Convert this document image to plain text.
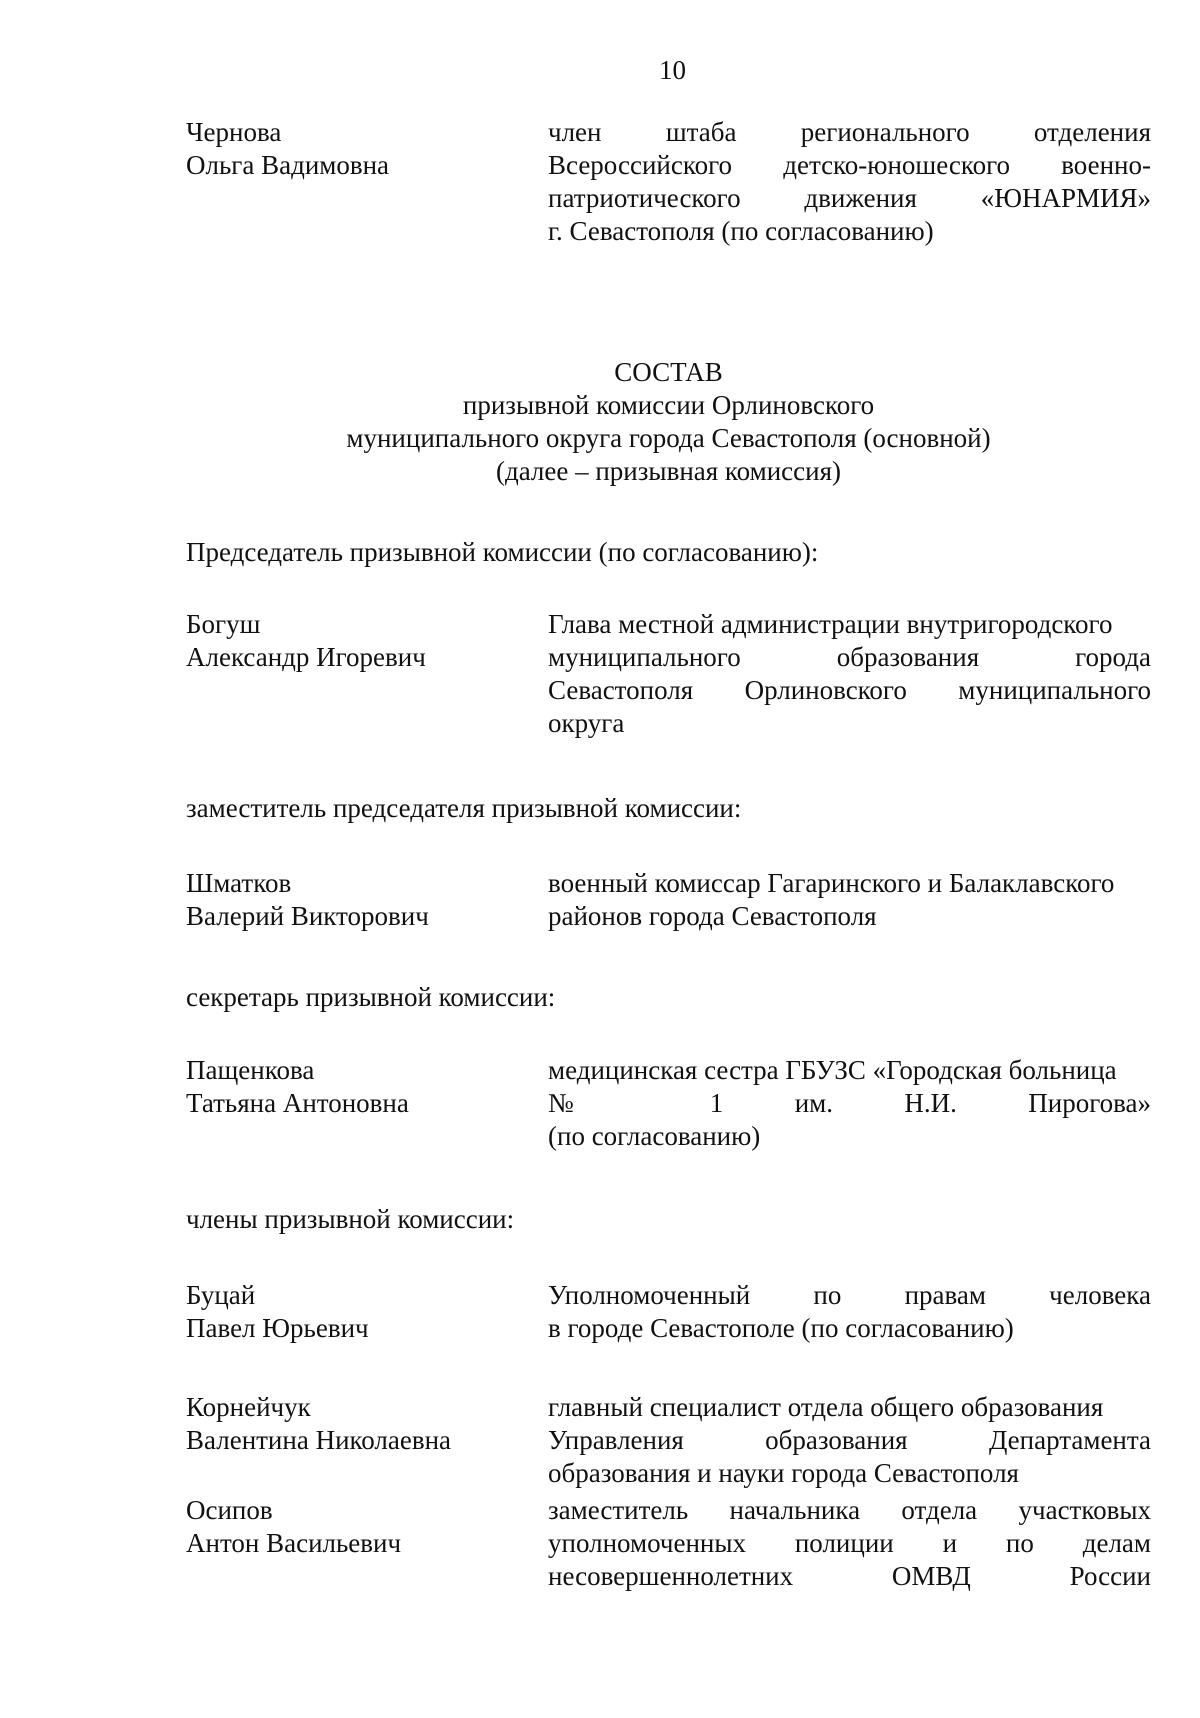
10
Чернова
Ольга Вадимовна
член штаба регионального отделения
Всероссийского детско-юношеского военно-
патриотического движения «ЮНАРМИЯ»
г. Севастополя (по согласованию)
СОСТАВ
призывной комиссии Орлиновского
муниципального округа города Севастополя (основной)
(далее – призывная комиссия)
Председатель призывной комиссии (по согласованию):
Богуш
Александр Игоревич
Глава местной администрации внутригородского
муниципального образования города
Севастополя Орлиновского муниципального
округа
заместитель председателя призывной комиссии:
Шматков
Валерий Викторович
военный комиссар Гагаринского и Балаклавского
районов города Севастополя
секретарь призывной комиссии:
Пащенкова
Татьяна Антоновна
медицинская сестра ГБУЗС «Городская больница
№ 1 им. Н.И. Пирогова»
(по согласованию)
члены призывной комиссии:
Буцай
Павел Юрьевич
Уполномоченный по правам человека
в городе Севастополе (по согласованию)
Корнейчук
Валентина Николаевна
главный специалист отдела общего образования
Управления образования Департамента
образования и науки города Севастополя
Осипов
Антон Васильевич
заместитель начальника отдела участковых
уполномоченных полиции и по делам
несовершеннолетних ОМВД России
